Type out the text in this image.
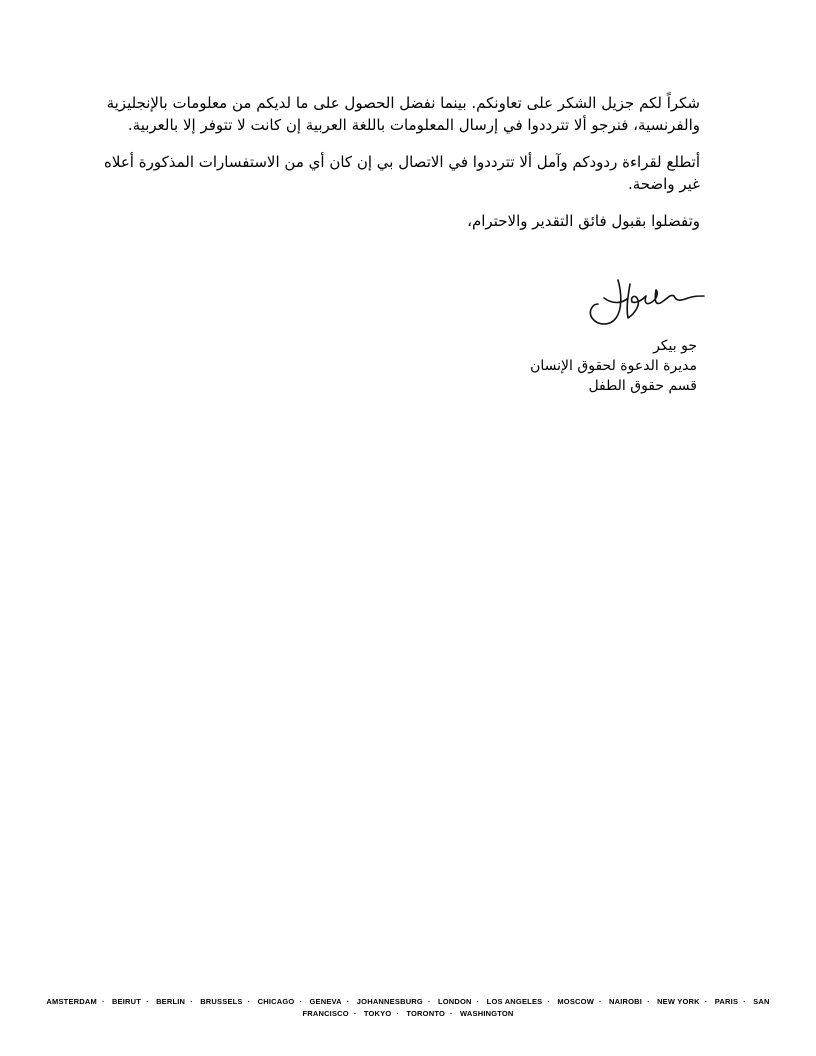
شكراً لكم جزيل الشكر على تعاونكم. بينما نفضل الحصول على ما لديكم من معلومات بالإنجليزية والفرنسية، فنرجو ألا تترددوا في إرسال المعلومات باللغة العربية إن كانت لا تتوفر إلا بالعربية.

أتطلع لقراءة ردودكم وآمل ألا تترددوا في الاتصال بي إن كان أي من الاستفسارات المذكورة أعلاه غير واضحة.

وتفضلوا بقبول فائق التقدير والاحترام،

جو بيكر
مديرة الدعوة لحقوق الإنسان
قسم حقوق الطفل
AMSTERDAM · BEIRUT · BERLIN · BRUSSELS · CHICAGO · GENEVA · JOHANNESBURG · LONDON · LOS ANGELES · MOSCOW · NAIROBI · NEW YORK · PARIS · SAN FRANCISCO · TOKYO · TORONTO · WASHINGTON
